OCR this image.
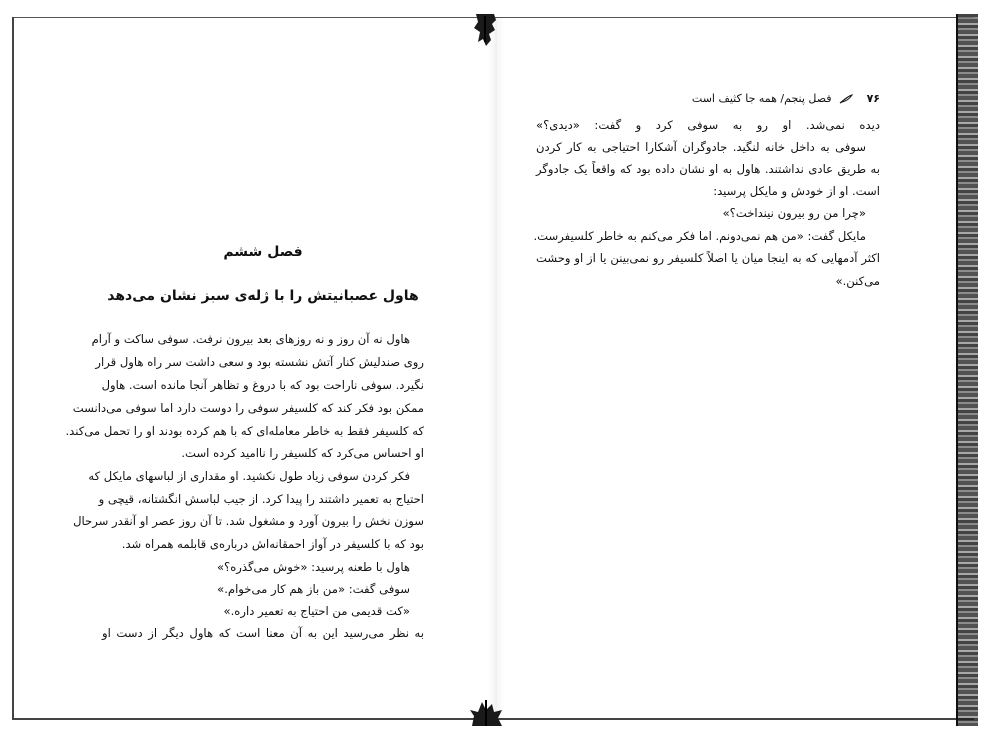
۷۶  فصل پنجم/ همه جا کثیف است
دیده نمی‌شد. او رو به سوفی کرد و گفت: «دیدی؟»
سوفی به داخل خانه لنگید. جادوگران آشکارا احتیاجی به کار کردن
به طریق عادی نداشتند. هاول به او نشان داده بود که واقعاً یک جادوگر
است. او از خودش و مایکل پرسید:
«چرا من رو بیرون نینداخت؟»
مایکل گفت: «من هم نمی‌دونم. اما فکر می‌کنم به خاطر کلسیفرست.
اکثر آدمهایی که به اینجا میان یا اصلاً کلسیفر رو نمی‌بینن یا از او وحشت
می‌کنن.»
فصل ششم
هاول عصبانیتش را با ژله‌ی سبز نشان می‌دهد
هاول نه آن روز و نه روزهای بعد بیرون نرفت. سوفی ساکت و آرام
روی صندلیش کنار آتش نشسته بود و سعی داشت سر راه هاول قرار
نگیرد. سوفی ناراحت بود که با دروغ و تظاهر آنجا مانده است. هاول
ممکن بود فکر کند که کلسیفر سوفی را دوست دارد اما سوفی می‌دانست
که کلسیفر فقط به خاطر معامله‌ای که با هم کرده بودند او را تحمل می‌کند.
او احساس می‌کرد که کلسیفر را ناامید کرده است.
فکر کردن سوفی زیاد طول نکشید. او مقداری از لباسهای مایکل که
احتیاج به تعمیر داشتند را پیدا کرد. از جیب لباسش انگشتانه، قیچی و
سوزن نخش را بیرون آورد و مشغول شد. تا آن روز عصر او آنقدر سرحال
بود که با کلسیفر در آواز احمقانه‌اش درباره‌ی قابلمه همراه شد.
هاول با طعنه پرسید: «خوش می‌گذره؟»
سوفی گفت: «من باز هم کار می‌خوام.»
«کت قدیمی من احتیاج به تعمیر داره.»
به نظر می‌رسید این به آن معنا است که هاول دیگر از دست او
